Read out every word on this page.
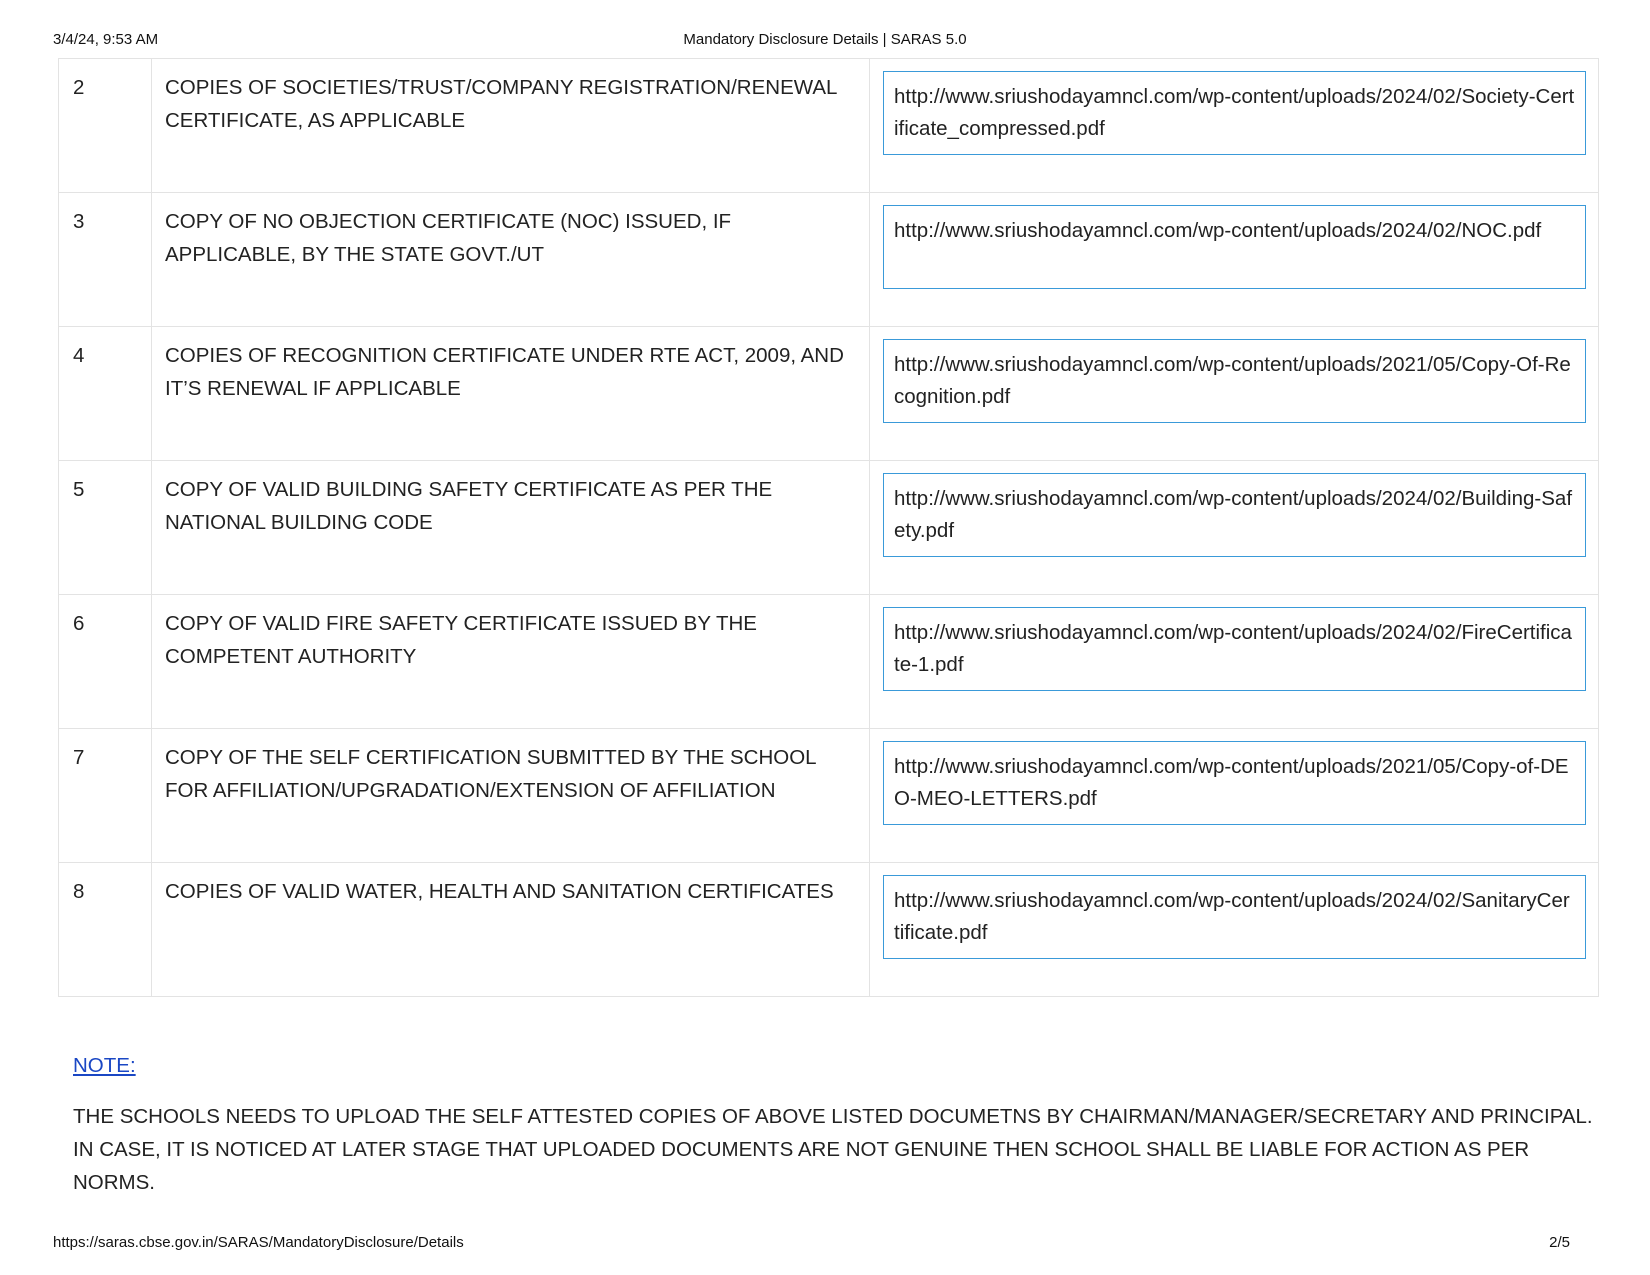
3/4/24, 9:53 AM	Mandatory Disclosure Details | SARAS 5.0
2	COPIES OF SOCIETIES/TRUST/COMPANY REGISTRATION/RENEWAL CERTIFICATE, AS APPLICABLE	http://www.sriushodayamncl.com/wp-content/uploads/2024/02/Society-Certificate_compressed.pdf

3	COPY OF NO OBJECTION CERTIFICATE (NOC) ISSUED, IF APPLICABLE, BY THE STATE GOVT./UT	http://www.sriushodayamncl.com/wp-content/uploads/2024/02/NOC.pdf

4	COPIES OF RECOGNITION CERTIFICATE UNDER RTE ACT, 2009, AND IT’S RENEWAL IF APPLICABLE	http://www.sriushodayamncl.com/wp-content/uploads/2021/05/Copy-Of-Recognition.pdf

5	COPY OF VALID BUILDING SAFETY CERTIFICATE AS PER THE NATIONAL BUILDING CODE	http://www.sriushodayamncl.com/wp-content/uploads/2024/02/Building-Safety.pdf

6	COPY OF VALID FIRE SAFETY CERTIFICATE ISSUED BY THE COMPETENT AUTHORITY	http://www.sriushodayamncl.com/wp-content/uploads/2024/02/FireCertificate-1.pdf

7	COPY OF THE SELF CERTIFICATION SUBMITTED BY THE SCHOOL FOR AFFILIATION/UPGRADATION/EXTENSION OF AFFILIATION	http://www.sriushodayamncl.com/wp-content/uploads/2021/05/Copy-of-DEO-MEO-LETTERS.pdf

8	COPIES OF VALID WATER, HEALTH AND SANITATION CERTIFICATES	http://www.sriushodayamncl.com/wp-content/uploads/2024/02/SanitaryCertificate.pdf
NOTE:
THE SCHOOLS NEEDS TO UPLOAD THE SELF ATTESTED COPIES OF ABOVE LISTED DOCUMETNS BY CHAIRMAN/MANAGER/SECRETARY AND PRINCIPAL. IN CASE, IT IS NOTICED AT LATER STAGE THAT UPLOADED DOCUMENTS ARE NOT GENUINE THEN SCHOOL SHALL BE LIABLE FOR ACTION AS PER NORMS.
https://saras.cbse.gov.in/SARAS/MandatoryDisclosure/Details	2/5
